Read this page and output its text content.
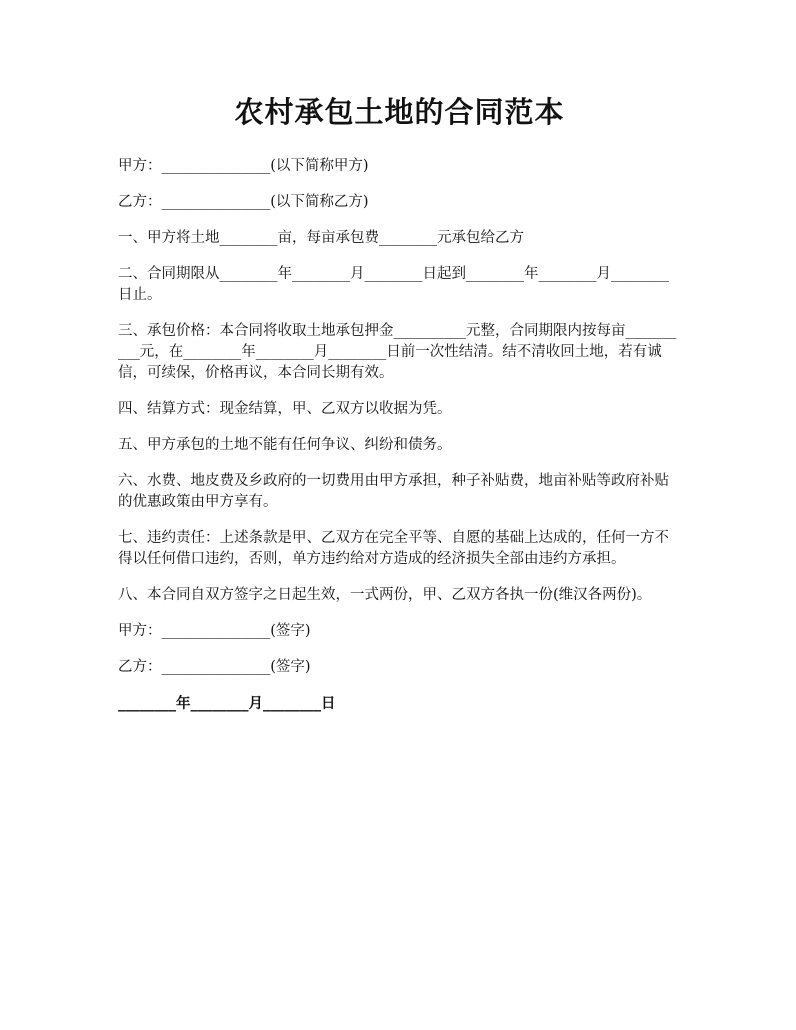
农村承包土地的合同范本

甲方：_______________(以下简称甲方)

乙方：_______________(以下简称乙方)

一、甲方将土地________亩，每亩承包费________元承包给乙方

二、合同期限从________年________月________日起到________年________月________日止。

三、承包价格：本合同将收取土地承包押金__________元整，合同期限内按每亩__________元，在________年________月________日前一次性结清。结不清收回土地，若有诚信，可续保，价格再议，本合同长期有效。

四、结算方式：现金结算，甲、乙双方以收据为凭。

五、甲方承包的土地不能有任何争议、纠纷和债务。

六、水费、地皮费及乡政府的一切费用由甲方承担，种子补贴费，地亩补贴等政府补贴的优惠政策由甲方享有。

七、违约责任：上述条款是甲、乙双方在完全平等、自愿的基础上达成的，任何一方不得以任何借口违约，否则，单方违约给对方造成的经济损失全部由违约方承担。

八、本合同自双方签字之日起生效，一式两份，甲、乙双方各执一份(维汉各两份)。

甲方：_______________(签字)

乙方：_______________(签字)

________年________月________日
